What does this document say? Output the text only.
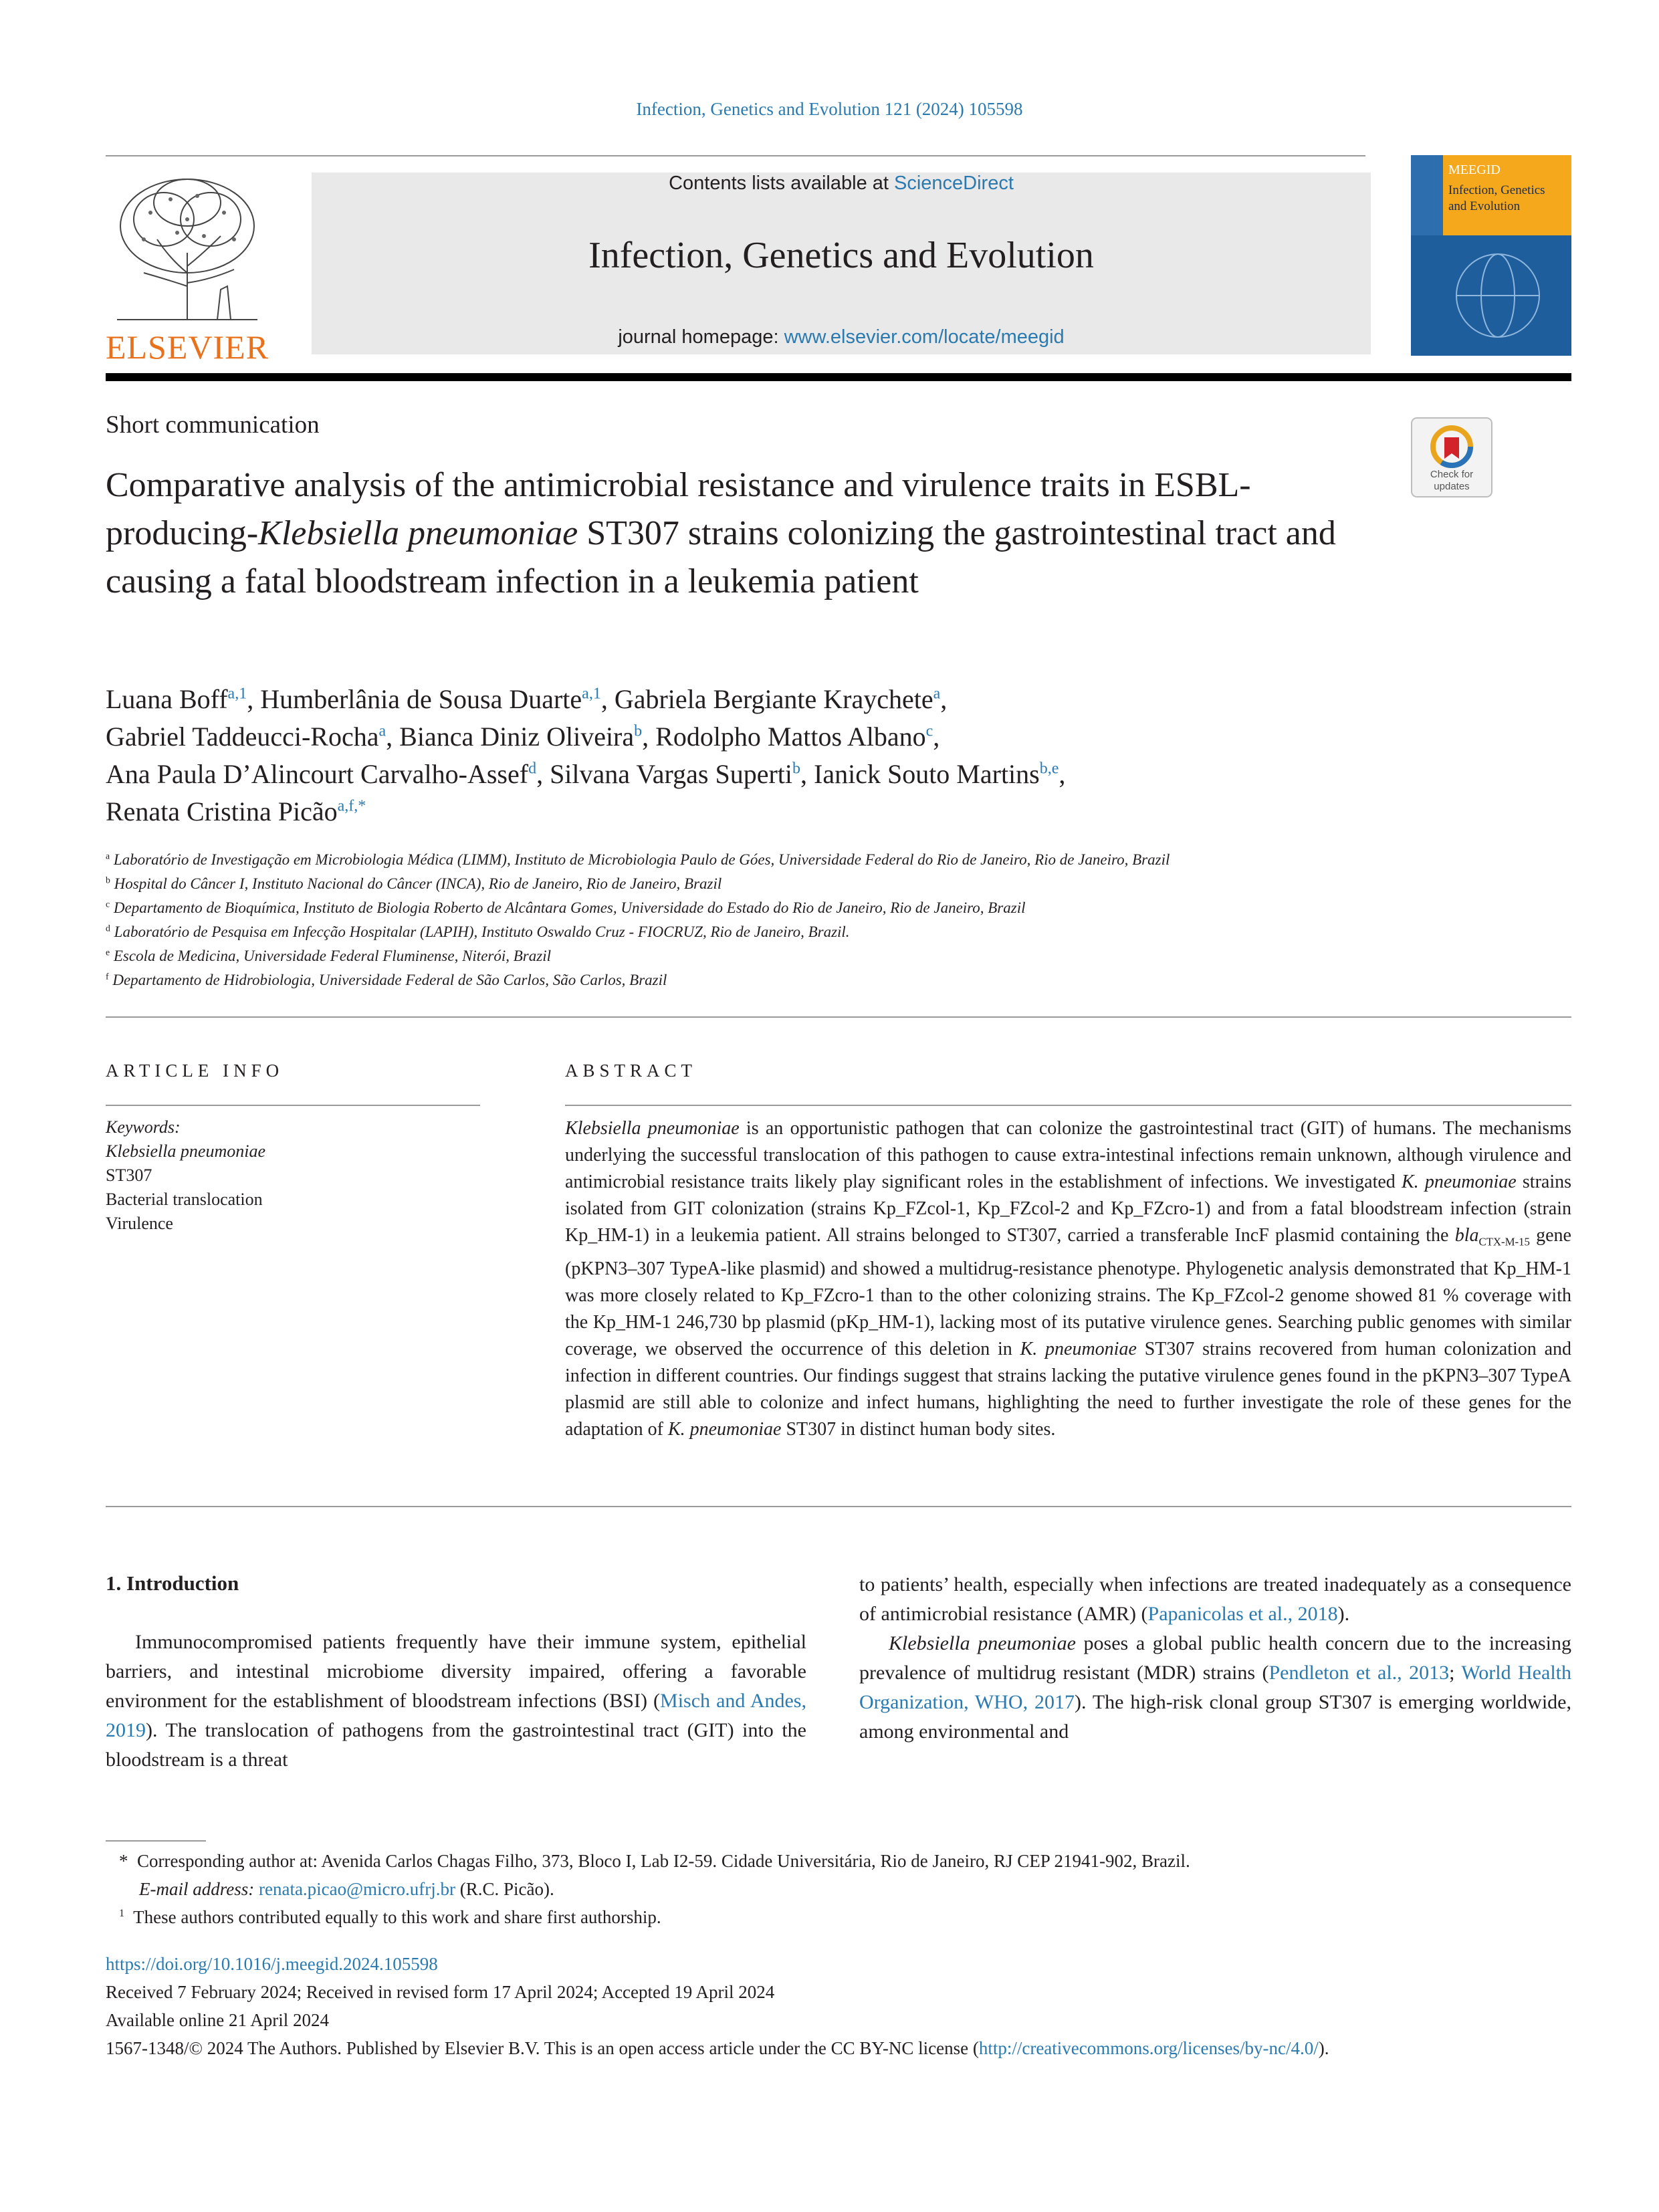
Infection, Genetics and Evolution 121 (2024) 105598
ELSEVIER
Contents lists available at ScienceDirect
Infection, Genetics and Evolution
journal homepage: www.elsevier.com/locate/meegid
MEEGID
Infection, Genetics
and Evolution
Short communication
Check for
updates
Comparative analysis of the antimicrobial resistance and virulence traits in ESBL-producing-Klebsiella pneumoniae ST307 strains colonizing the gastrointestinal tract and causing a fatal bloodstream infection in a leukemia patient
Luana Boff$^{a,1}$, Humberlânia de Sousa Duarte$^{a,1}$, Gabriela Bergiante Kraychete$^a$,
Gabriel Taddeucci-Rocha$^a$, Bianca Diniz Oliveira$^b$, Rodolpho Mattos Albano$^c$,
Ana Paula D’Alincourt Carvalho-Assef$^d$, Silvana Vargas Superti$^b$, Ianick Souto Martins$^{b,e}$,
Renata Cristina Picão$^{a,f,*}$
$^a$ Laboratório de Investigação em Microbiologia Médica (LIMM), Instituto de Microbiologia Paulo de Góes, Universidade Federal do Rio de Janeiro, Rio de Janeiro, Brazil
$^b$ Hospital do Câncer I, Instituto Nacional do Câncer (INCA), Rio de Janeiro, Rio de Janeiro, Brazil
$^c$ Departamento de Bioquímica, Instituto de Biologia Roberto de Alcântara Gomes, Universidade do Estado do Rio de Janeiro, Rio de Janeiro, Brazil
$^d$ Laboratório de Pesquisa em Infecção Hospitalar (LAPIH), Instituto Oswaldo Cruz - FIOCRUZ, Rio de Janeiro, Brazil.
$^e$ Escola de Medicina, Universidade Federal Fluminense, Niterói, Brazil
$^f$ Departamento de Hidrobiologia, Universidade Federal de São Carlos, São Carlos, Brazil
ARTICLE INFO
Keywords:
Klebsiella pneumoniae
ST307
Bacterial translocation
Virulence
ABSTRACT
Klebsiella pneumoniae is an opportunistic pathogen that can colonize the gastrointestinal tract (GIT) of humans. The mechanisms underlying the successful translocation of this pathogen to cause extra-intestinal infections remain unknown, although virulence and antimicrobial resistance traits likely play significant roles in the establishment of infections. We investigated K. pneumoniae strains isolated from GIT colonization (strains Kp_FZcol-1, Kp_FZcol-2 and Kp_FZcro-1) and from a fatal bloodstream infection (strain Kp_HM-1) in a leukemia patient. All strains belonged to ST307, carried a transferable IncF plasmid containing the bla$_{CTX-M-15}$ gene (pKPN3–307 TypeA-like plasmid) and showed a multidrug-resistance phenotype. Phylogenetic analysis demonstrated that Kp_HM-1 was more closely related to Kp_FZcro-1 than to the other colonizing strains. The Kp_FZcol-2 genome showed 81 % coverage with the Kp_HM-1 246,730 bp plasmid (pKp_HM-1), lacking most of its putative virulence genes. Searching public genomes with similar coverage, we observed the occurrence of this deletion in K. pneumoniae ST307 strains recovered from human colonization and infection in different countries. Our findings suggest that strains lacking the putative virulence genes found in the pKPN3–307 TypeA plasmid are still able to colonize and infect humans, highlighting the need to further investigate the role of these genes for the adaptation of K. pneumoniae ST307 in distinct human body sites.
1. Introduction

Immunocompromised patients frequently have their immune system, epithelial barriers, and intestinal microbiome diversity impaired, offering a favorable environment for the establishment of bloodstream infections (BSI) (Misch and Andes, 2019). The translocation of pathogens from the gastrointestinal tract (GIT) into the bloodstream is a threat

to patients’ health, especially when infections are treated inadequately as a consequence of antimicrobial resistance (AMR) (Papanicolas et al., 2018).

Klebsiella pneumoniae poses a global public health concern due to the increasing prevalence of multidrug resistant (MDR) strains (Pendleton et al., 2013; World Health Organization, WHO, 2017). The high-risk clonal group ST307 is emerging worldwide, among environmental and

* Corresponding author at: Avenida Carlos Chagas Filho, 373, Bloco I, Lab I2-59. Cidade Universitária, Rio de Janeiro, RJ CEP 21941-902, Brazil.
E-mail address: renata.picao@micro.ufrj.br (R.C. Picão).
$^1$ These authors contributed equally to this work and share first authorship.
https://doi.org/10.1016/j.meegid.2024.105598
Received 7 February 2024; Received in revised form 17 April 2024; Accepted 19 April 2024
Available online 21 April 2024
1567-1348/© 2024 The Authors. Published by Elsevier B.V. This is an open access article under the CC BY-NC license (http://creativecommons.org/licenses/by-nc/4.0/).
